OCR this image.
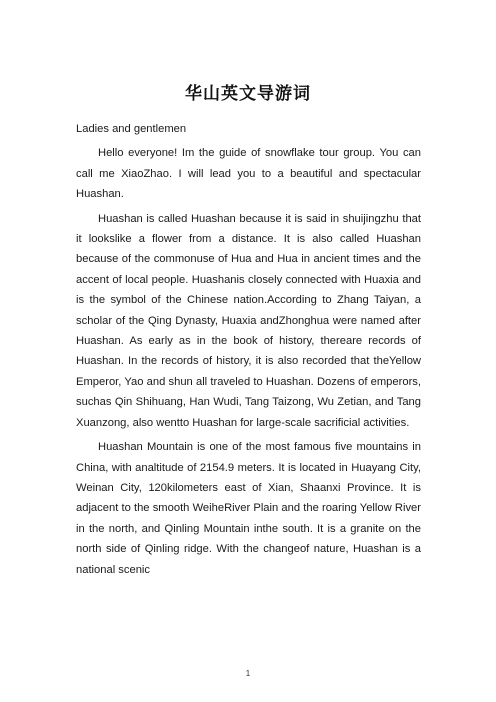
华山英文导游词

Ladies and gentlemen

Hello everyone! Im the guide of snowflake tour group. You can call me XiaoZhao. I will lead you to a beautiful and spectacular Huashan.

Huashan is called Huashan because it is said in shuijingzhu that it lookslike a flower from a distance. It is also called Huashan because of the commonuse of Hua and Hua in ancient times and the accent of local people. Huashanis closely connected with Huaxia and is the symbol of the Chinese nation.According to Zhang Taiyan, a scholar of the Qing Dynasty, Huaxia andZhonghua were named after Huashan. As early as in the book of history, thereare records of Huashan. In the records of history, it is also recorded that theYellow Emperor, Yao and shun all traveled to Huashan. Dozens of emperors, suchas Qin Shihuang, Han Wudi, Tang Taizong, Wu Zetian, and Tang Xuanzong, also wentto Huashan for large-scale sacrificial activities.

Huashan Mountain is one of the most famous five mountains in China, with analtitude of 2154.9 meters. It is located in Huayang City, Weinan City, 120kilometers east of Xian, Shaanxi Province. It is adjacent to the smooth WeiheRiver Plain and the roaring Yellow River in the north, and Qinling Mountain inthe south. It is a granite on the north side of Qinling ridge. With the changeof nature, Huashan is a national scenic

1
